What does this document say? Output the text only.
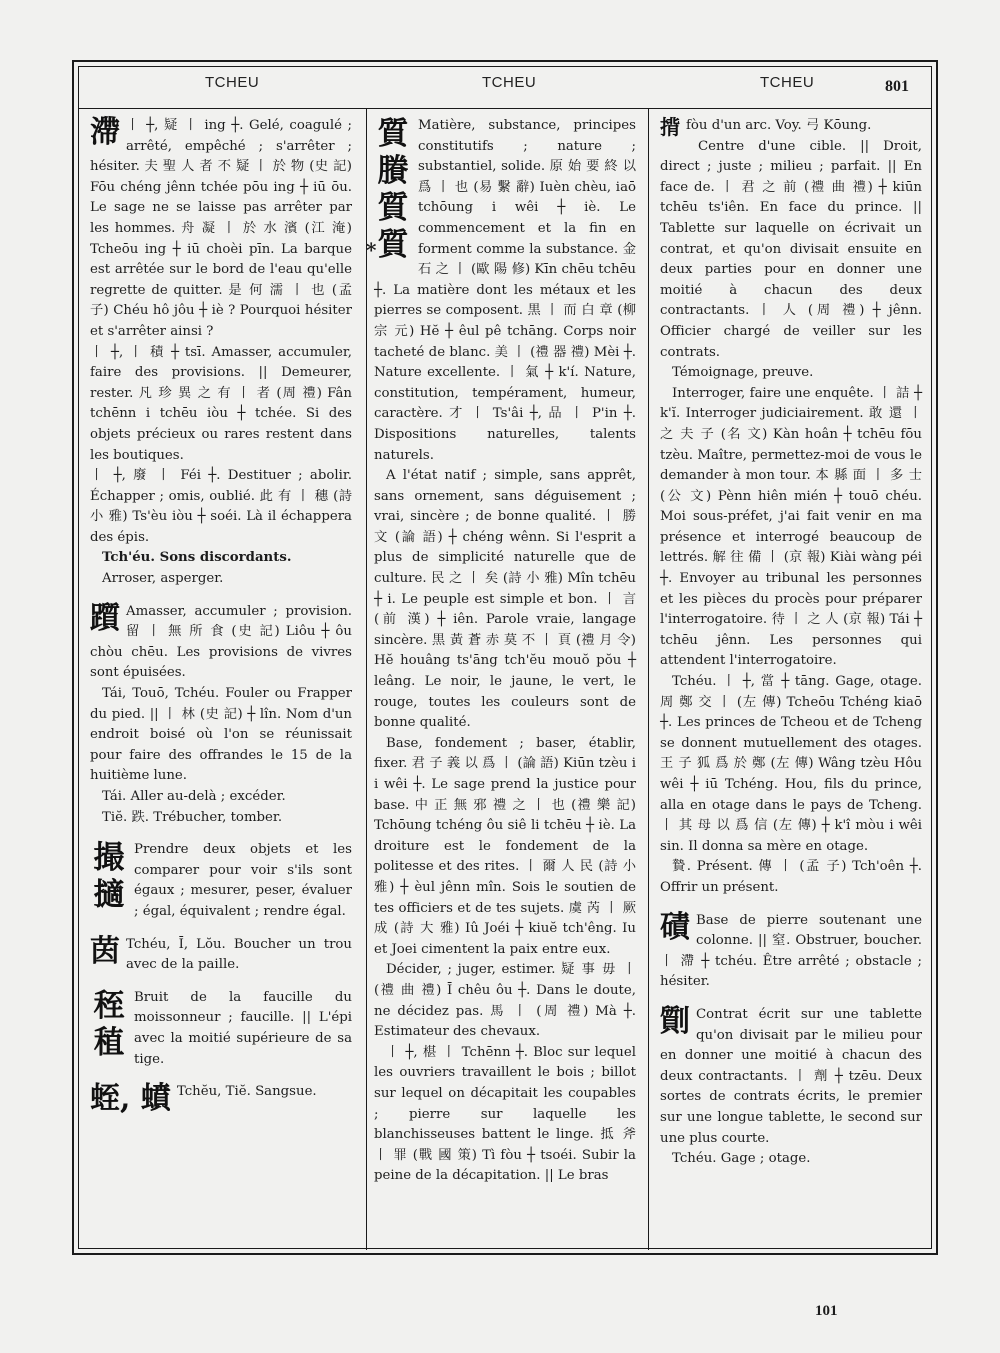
TCHEU	TCHEU	TCHEU	801
滯 丨 ┼, 疑 丨 ing ┼. Gelé, coagulé ; arrêté, empêché ; s'arrêter ; hésiter. 夫 聖 人 者 不 疑 丨 於 物 (史 記) Fōu chéng jênn tchée pōu ing ┼ iū ōu. Le sage ne se laisse pas arrêter par les hommes. 舟 凝 丨 於 水 濱 (江 淹) Tcheōu ing ┼ iū choèi pīn. La barque est arrêtée sur le bord de l'eau qu'elle regrette de quitter. 是 何 濡 丨 也 (孟 子) Chéu hô jôu ┼ iè ? Pourquoi hésiter et s'arrêter ainsi ?

丨 ┼, 丨 積 ┼ tsī. Amasser, accumuler, faire des provisions. || Demeurer, rester. 凡 珍 異 之 有 丨 者 (周 禮) Fân tchēnn i tchēu iòu ┼ tchée. Si des objets précieux ou rares restent dans les boutiques.

丨 ┼, 廢 丨 Féi ┼. Destituer ; abolir. Échapper ; omis, oublié. 此 有 丨 穗 (詩 小 雅) Ts'èu iòu ┼ soéi. Là il échappera des épis.

Tch'éu. Sons discordants.

Arroser, asperger.

躓 Amasser, accumuler ; provision. 留 丨 無 所 食 (史 記) Liôu ┼ ôu chòu chēu. Les provisions de vivres sont épuisées.

Tái, Touō, Tchéu. Fouler ou Frapper du pied. || 丨 林 (史 記) ┼ lîn. Nom d'un endroit boisé où l'on se réunissait pour faire des offrandes le 15 de la huitième lune.

Tái. Aller au-delà ; excéder.

Tiĕ. 跌. Trébucher, tomber.

撮
擿

Prendre deux objets et les comparer pour voir s'ils sont égaux ; mesurer, peser, évaluer ; égal, équivalent ; rendre égal.

茵 Tchéu, Ī, Lŏu. Boucher un trou avec de la paille.

秷
稙

Bruit de la faucille du moissonneur ; faucille. || L'épi avec la moitié supérieure de sa tige.

蛭, 蟦 Tchĕu, Tiĕ. Sangsue.

質
賸
質
質
*

Matière, substance, principes constitutifs ; nature ; substantiel, solide. 原 始 要 終 以 爲 丨 也 (易 繫 辭) Iuèn chèu, iaō tchōung i wêi ┼ iè. Le commencement et la fin en forment comme la substance. 金 石 之 丨 (歐 陽 修) Kīn chēu tchēu ┼. La matière dont les métaux et les pierres se composent. 黒 丨 而 白 章 (柳 宗 元) Hĕ ┼ êul pê tchāng. Corps noir tacheté de blanc. 美 丨 (禮 器 禮) Mèi ┼. Nature excellente. 丨 氣 ┼ k'í. Nature, constitution, tempérament, humeur, caractère. 才 丨 Ts'âi ┼, 品 丨 P'in ┼. Dispositions naturelles, talents naturels.

A l'état natif ; simple, sans apprêt, sans ornement, sans déguisement ; vrai, sincère ; de bonne qualité. 丨 勝 文 (論 語) ┼ chéng wênn. Si l'esprit a plus de simplicité naturelle que de culture. 民 之 丨 矣 (詩 小 雅) Mîn tchēu ┼ i. Le peuple est simple et bon. 丨 言 (前 漢) ┼ iên. Parole vraie, langage sincère. 黒 黃 蒼 赤 莫 不 丨 頁 (禮 月 令) Hĕ houâng ts'āng tch'ĕu mouŏ pŏu ┼ leâng. Le noir, le jaune, le vert, le rouge, toutes les couleurs sont de bonne qualité.

Base, fondement ; baser, établir, fixer. 君 子 義 以 爲 丨 (論 語) Kiūn tzèu i i wêi ┼. Le sage prend la justice pour base. 中 正 無 邪 禮 之 丨 也 (禮 樂 記) Tchōung tchéng ôu siê li tchēu ┼ iè. La droiture est le fondement de la politesse et des rites. 丨 爾 人 民 (詩 小 雅) ┼ èul jênn mîn. Sois le soutien de tes officiers et de tes sujets. 虞 芮 丨 厥 成 (詩 大 雅) Iû Joéi ┼ kiuĕ tch'êng. Iu et Joei cimentent la paix entre eux.

Décider, ; juger, estimer. 疑 事 毋 丨 (禮 曲 禮) Ī chêu ôu ┼. Dans le doute, ne décidez pas. 馬 丨 (周 禮) Mà ┼. Estimateur des chevaux.

丨 ┼, 椹 丨 Tchēnn ┼. Bloc sur lequel les ouvriers travaillent le bois ; billot sur lequel on décapitait les coupables ; pierre sur laquelle les blanchisseuses battent le linge. 抵 斧 丨 罪 (戰 國 策) Tì fòu ┼ tsoéi. Subir la peine de la décapitation. || Le bras

揹 fòu d'un arc. Voy. 弓 Kōung.

Centre d'une cible. || Droit, direct ; juste ; milieu ; parfait. || En face de. 丨 君 之 前 (禮 曲 禮) ┼ kiūn tchēu ts'iên. En face du prince. || Tablette sur laquelle on écrivait un contrat, et qu'on divisait ensuite en deux parties pour en donner une moitié à chacun des deux contractants. 丨 人 (周 禮) ┼ jênn. Officier chargé de veiller sur les contrats.

Témoignage, preuve.

Interroger, faire une enquête. 丨 詰 ┼ k'ĭ. Interroger judiciairement. 敢 還 丨 之 夫 子 (名 文) Kàn hoân ┼ tchēu fōu tzèu. Maître, permettez-moi de vous le demander à mon tour. 本 縣 面 丨 多 士 (公 文) Pènn hiên mién ┼ touō chéu. Moi sous-préfet, j'ai fait venir en ma présence et interrogé beaucoup de lettrés. 解 往 備 丨 (京 報) Kiài wàng péi ┼. Envoyer au tribunal les personnes et les pièces du procès pour préparer l'interrogatoire. 待 丨 之 人 (京 報) Tái ┼ tchēu jênn. Les personnes qui attendent l'interrogatoire.

Tchéu. 丨 ┼, 當 ┼ tāng. Gage, otage. 周 鄭 交 丨 (左 傳) Tcheōu Tchéng kiaō ┼. Les princes de Tcheou et de Tcheng se donnent mutuellement des otages. 王 子 狐 爲 於 鄭 (左 傳) Wâng tzèu Hôu wêi ┼ iū Tchéng. Hou, fils du prince, alla en otage dans le pays de Tcheng. 丨 其 母 以 爲 信 (左 傳) ┼ k'î mòu i wêi sin. Il donna sa mère en otage.

贄. Présent. 傳 丨 (孟 子) Tch'oên ┼. Offrir un présent.

磧 Base de pierre soutenant une colonne. || 窒. Obstruer, boucher. 丨 滯 ┼ tchéu. Être arrêté ; obstacle ; hésiter.

劕 Contrat écrit sur une tablette qu'on divisait par le milieu pour en donner une moitié à chacun des deux contractants. 丨 劑 ┼ tzēu. Deux sortes de contrats écrits, le premier sur une longue tablette, le second sur une plus courte.

Tchéu. Gage ; otage.

101
